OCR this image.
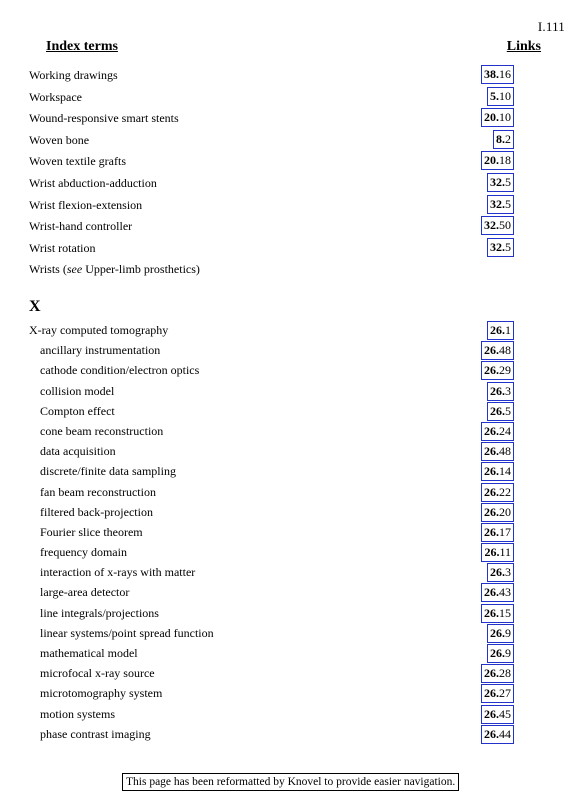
I.111
Index terms	Links
Working drawings	38.16
Workspace	5.10
Wound-responsive smart stents	20.10
Woven bone	8.2
Woven textile grafts	20.18
Wrist abduction-adduction	32.5
Wrist flexion-extension	32.5
Wrist-hand controller	32.50
Wrist rotation	32.5
Wrists (see Upper-limb prosthetics)
X
X-ray computed tomography	26.1
ancillary instrumentation	26.48
cathode condition/electron optics	26.29
collision model	26.3
Compton effect	26.5
cone beam reconstruction	26.24
data acquisition	26.48
discrete/finite data sampling	26.14
fan beam reconstruction	26.22
filtered back-projection	26.20
Fourier slice theorem	26.17
frequency domain	26.11
interaction of x-rays with matter	26.3
large-area detector	26.43
line integrals/projections	26.15
linear systems/point spread function	26.9
mathematical model	26.9
microfocal x-ray source	26.28
microtomography system	26.27
motion systems	26.45
phase contrast imaging	26.44
This page has been reformatted by Knovel to provide easier navigation.
